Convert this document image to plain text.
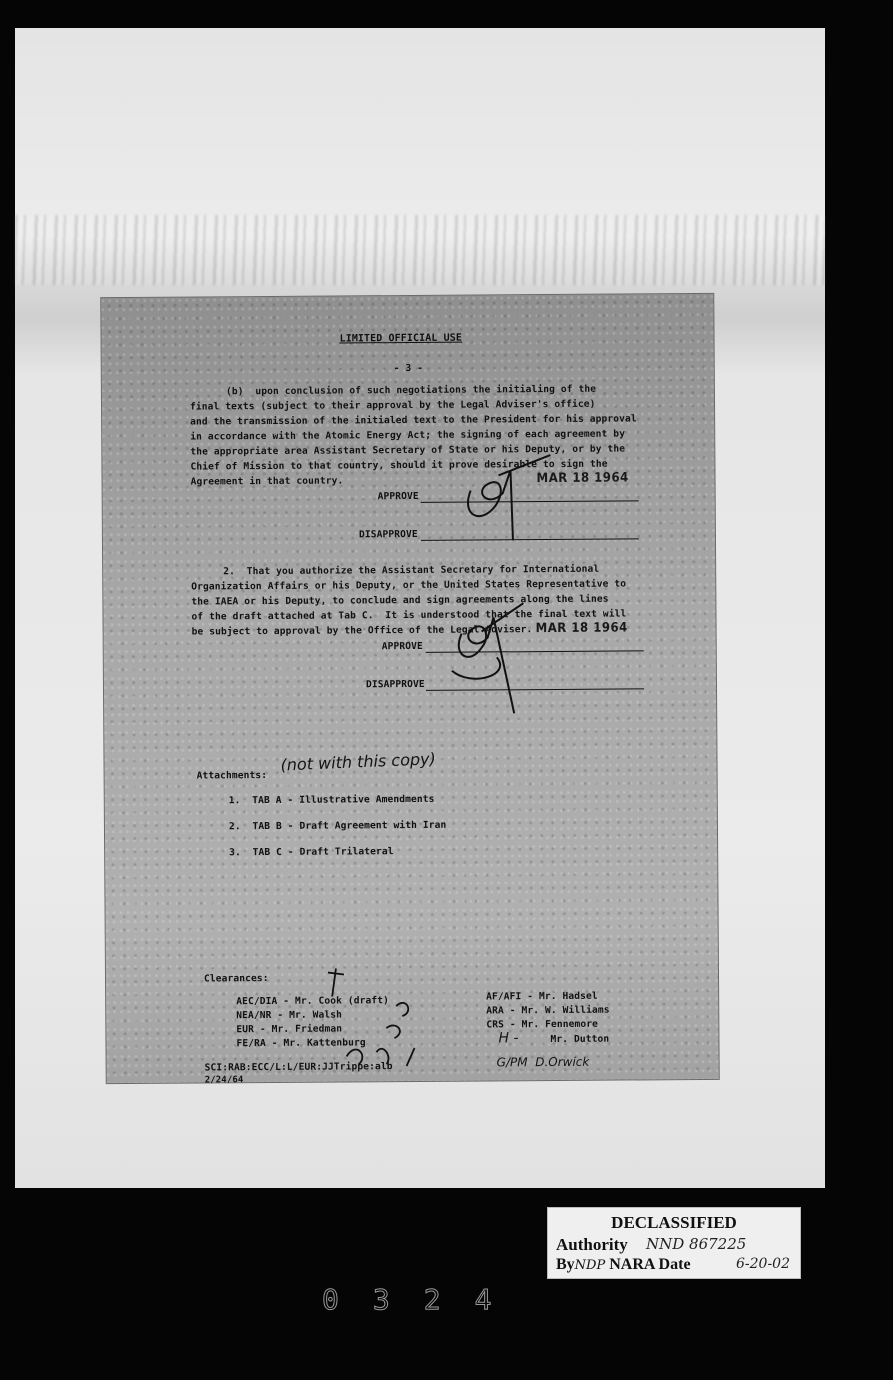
LIMITED OFFICIAL USE
- 3 -
(b)  upon conclusion of such negotiations the initialing of the
final texts (subject to their approval by the Legal Adviser's office)
and the transmission of the initialed text to the President for his approval
in accordance with the Atomic Energy Act; the signing of each agreement by
the appropriate area Assistant Secretary of State or his Deputy, or by the
Chief of Mission to that country, should it prove desirable to sign the
Agreement in that country.	MAR 18 1964
APPROVE
DISAPPROVE
2.  That you authorize the Assistant Secretary for International
Organization Affairs or his Deputy, or the United States Representative to
the IAEA or his Deputy, to conclude and sign agreements along the lines
of the draft attached at Tab C.  It is understood that the final text will
be subject to approval by the Office of the Legal Adviser. MAR 18 1964
APPROVE
DISAPPROVE
Attachments:
(not with this copy)
1.  TAB A - Illustrative Amendments
2.  TAB B - Draft Agreement with Iran
3.  TAB C - Draft Trilateral
Clearances:
AEC/DIA - Mr. Cook (draft)
NEA/NR - Mr. Walsh
EUR - Mr. Friedman
FE/RA - Mr. Kattenburg
AF/AFI - Mr. Hadsel
ARA - Mr. W. Williams
CRS - Mr. Fennemore
H -	Mr. Dutton
G/PM  D.Orwick
SCI:RAB:ECC/L:L/EUR:JJTrippe:alb
2/24/64
DECLASSIFIED
Authority NND 867225
ByNDP NARA Date	6-20-02
0324
